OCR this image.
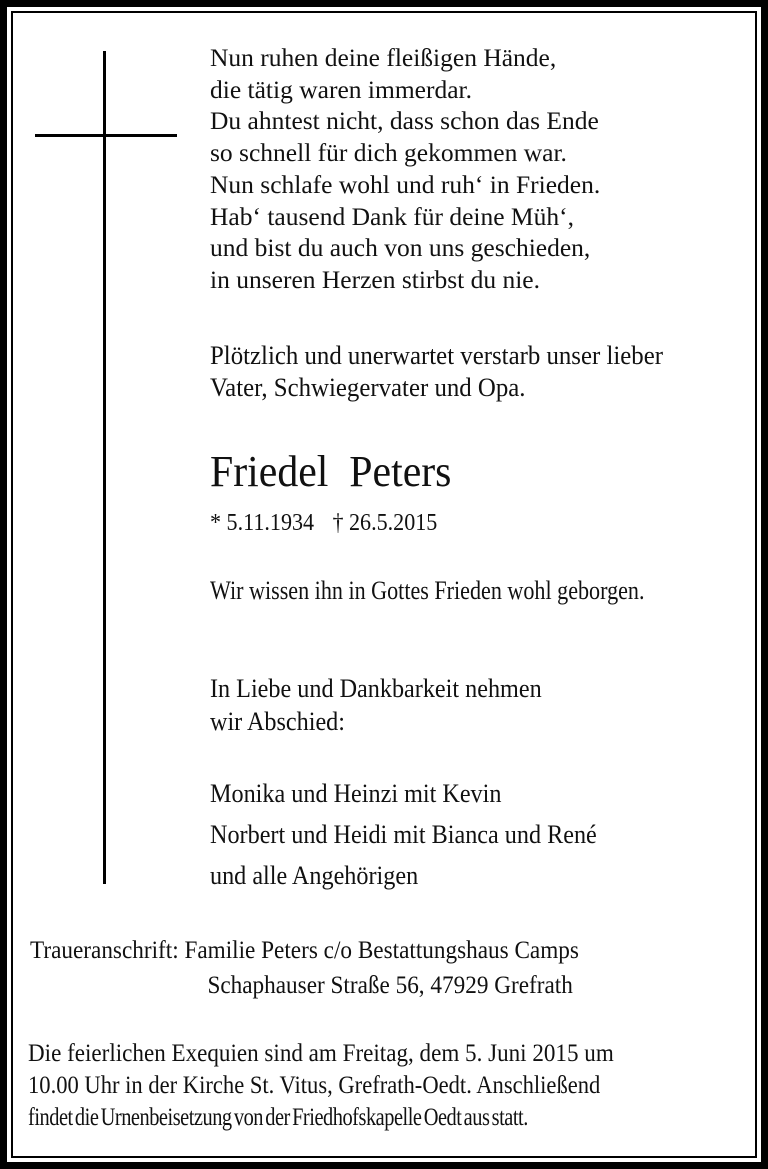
Nun ruhen deine fleißigen Hände,
die tätig waren immerdar.
Du ahntest nicht, dass schon das Ende
so schnell für dich gekommen war.
Nun schlafe wohl und ruh‘ in Frieden.
Hab‘ tausend Dank für deine Müh‘,
und bist du auch von uns geschieden,
in unseren Herzen stirbst du nie.
Plötzlich und unerwartet verstarb unser lieber
Vater, Schwiegervater und Opa.
Friedel  Peters
* 5.11.1934 † 26.5.2015
Wir wissen ihn in Gottes Frieden wohl geborgen.
In Liebe und Dankbarkeit nehmen
wir Abschied:
Monika und Heinzi mit Kevin
Norbert und Heidi mit Bianca und René
und alle Angehörigen
Traueranschrift: Familie Peters c/o Bestattungshaus Camps
Schaphauser Straße 56, 47929 Grefrath
Die feierlichen Exequien sind am Freitag, dem 5. Juni 2015 um
10.00 Uhr in der Kirche St. Vitus, Grefrath-Oedt. Anschließend
findet die Urnenbeisetzung von der Friedhofskapelle Oedt aus statt.
